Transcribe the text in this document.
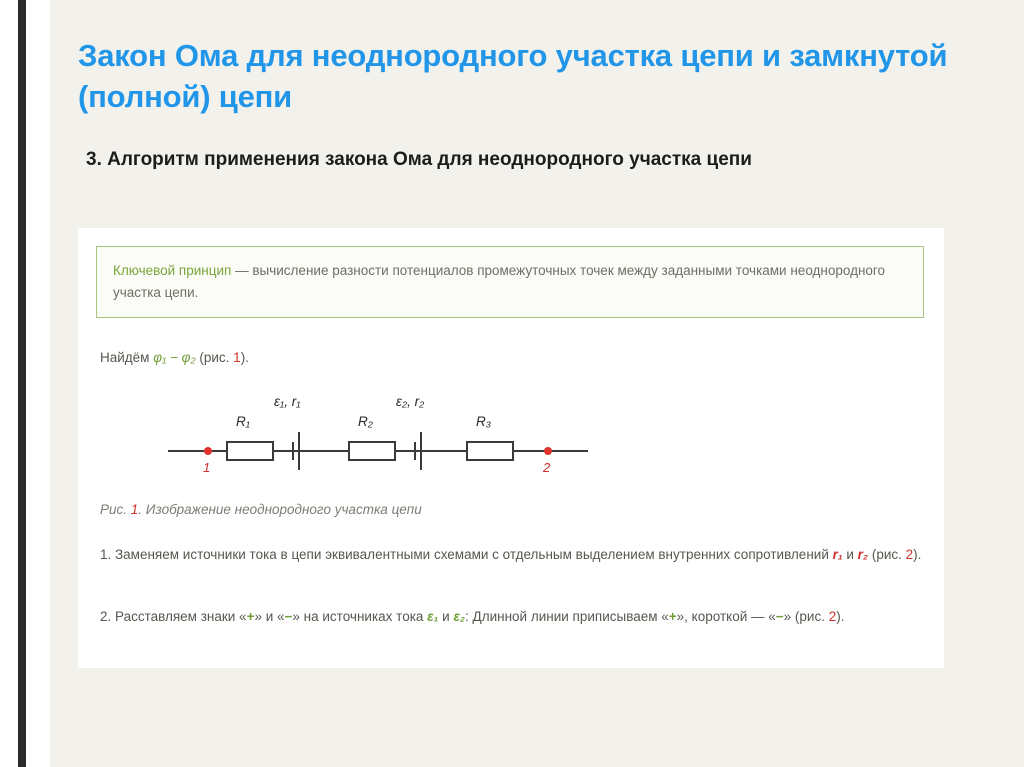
Закон Ома для неоднородного участка цепи и замкнутой (полной) цепи
3. Алгоритм применения закона Ома для неоднородного участка цепи
Ключевой принцип — вычисление разности потенциалов промежуточных точек между заданными точками неоднородного участка цепи.
Найдём φ₁ − φ₂ (рис. 1).
1	2
R₁	R₂	R₃
ε₁, r₁	ε₂, r₂
Рис. 1. Изображение неоднородного участка цепи
1. Заменяем источники тока в цепи эквивалентными схемами с отдельным выделением внутренних сопротивлений r₁ и r₂ (рис. 2).
2. Расставляем знаки «+» и «−» на источниках тока ε₁ и ε₂: Длинной линии приписываем «+», короткой — «−» (рис. 2).
